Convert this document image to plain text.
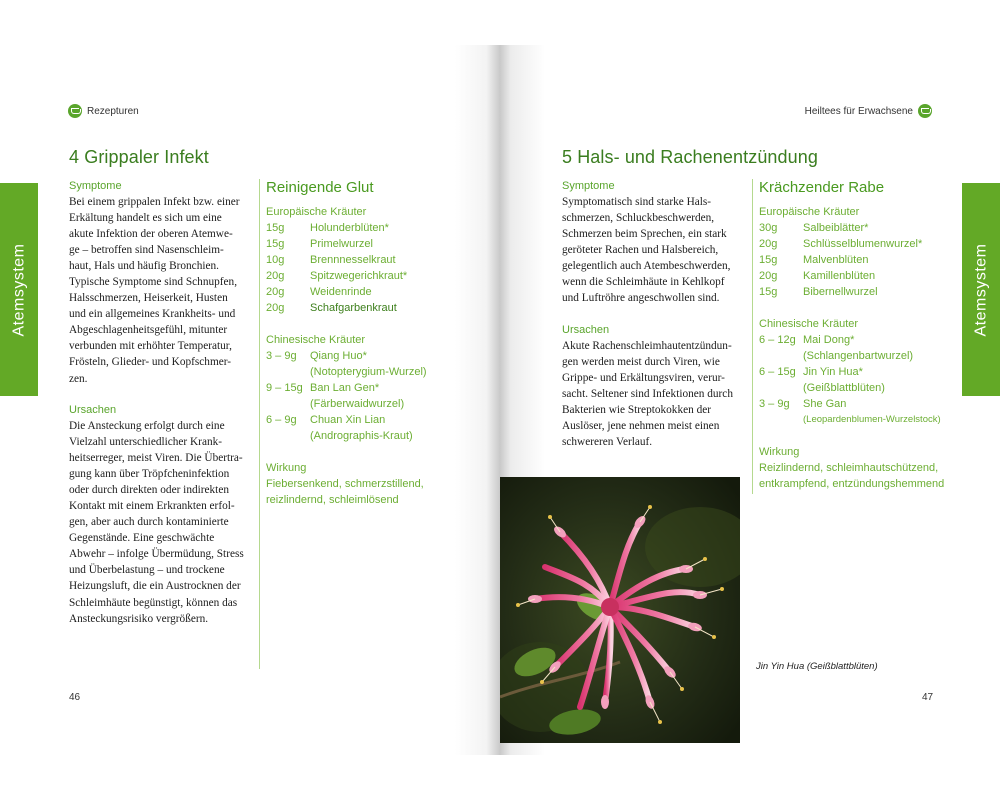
Rezepturen
4 Grippaler Infekt
Atemsystem
Symptome

Bei einem grippalen Infekt bzw. einer

Erkältung handelt es sich um eine

akute Infektion der oberen Atemwe-

ge – betroffen sind Nasenschleim-

haut, Hals und häufig Bronchien.

Typische Symptome sind Schnupfen,

Halsschmerzen, Heiserkeit, Husten

und ein allgemeines Krankheits- und

Abgeschlagenheitsgefühl, mitunter

verbunden mit erhöhter Temperatur,

Frösteln, Glieder- und Kopfschmer-

zen.

Ursachen

Die Ansteckung erfolgt durch eine

Vielzahl unterschiedlicher Krank-

heitserreger, meist Viren. Die Übertra-

gung kann über Tröpfcheninfektion

oder durch direkten oder indirekten

Kontakt mit einem Erkrankten erfol-

gen, aber auch durch kontaminierte

Gegenstände. Eine geschwächte

Abwehr – infolge Übermüdung, Stress

und Überbelastung – und trockene

Heizungsluft, die ein Austrocknen der

Schleimhäute begünstigt, können das

Ansteckungsrisiko vergrößern.

Reinigende Glut
Europäische Kräuter
15g	Holunderblüten*
15g	Primelwurzel
10g	Brennnesselkraut
20g	Spitzwegerichkraut*
20g	Weidenrinde
20g	Schafgarbenkraut
Chinesische Kräuter
3 – 9g	Qiang Huo*
(Notopterygium-Wurzel)
9 – 15g Ban Lan Gen*
(Färberwaidwurzel)
6 – 9g	Chuan Xin Lian
(Andrographis-Kraut)
Wirkung
Fiebersenkend, schmerzstillend,
reizlindernd, schleimlösend
46
Heiltees für Erwachsene
5 Hals- und Rachenentzündung
Atemsystem
Symptome

Symptomatisch sind starke Hals-

schmerzen, Schluckbeschwerden,

Schmerzen beim Sprechen, ein stark

geröteter Rachen und Halsbereich,

gelegentlich auch Atembeschwerden,

wenn die Schleimhäute in Kehlkopf

und Luftröhre angeschwollen sind.

Ursachen

Akute Rachenschleimhautentzündun-

gen werden meist durch Viren, wie

Grippe- und Erkältungsviren, verur-

sacht. Seltener sind Infektionen durch

Bakterien wie Streptokokken der

Auslöser, jene nehmen meist einen

schwereren Verlauf.

Krächzender Rabe
Europäische Kräuter
30g	Salbeiblätter*
20g	Schlüsselblumenwurzel*
15g	Malvenblüten
20g	Kamillenblüten
15g	Bibernellwurzel
Chinesische Kräuter
6 – 12g Mai Dong*
(Schlangenbartwurzel)
6 – 15g Jin Yin Hua*
(Geißblattblüten)
3 – 9g	She Gan
(Leopardenblumen-Wurzelstock)
Wirkung
Reizlindernd, schleimhautschützend,
entkrampfend, entzündungshemmend
Jin Yin Hua (Geißblattblüten)
47
